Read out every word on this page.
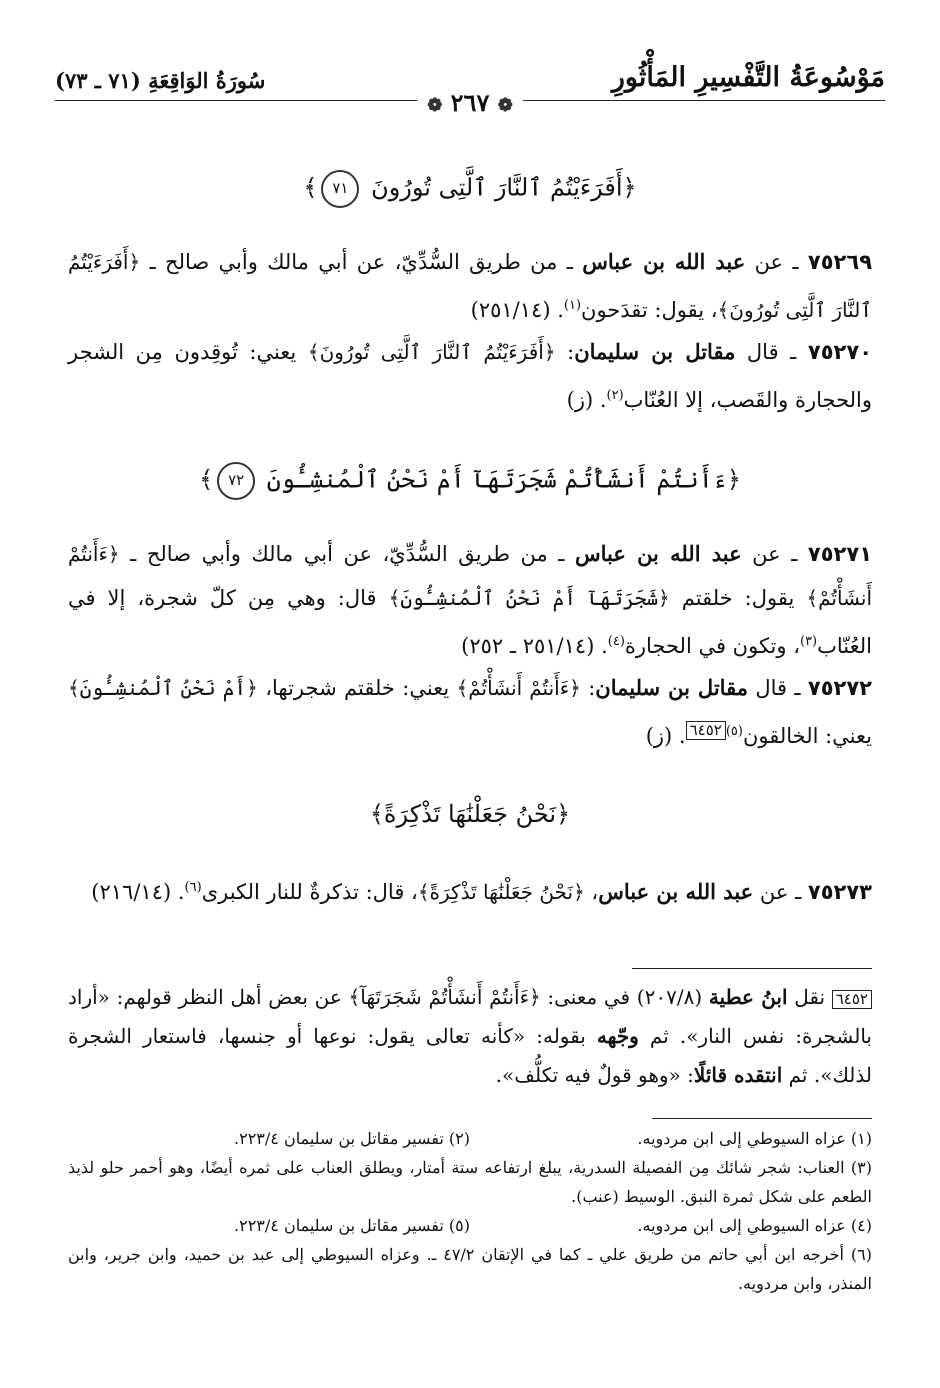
مَوْسُوعَةُ التَّفْسِيرِ المَأْثُورِ
سُورَةُ الوَاقِعَةِ (٧١ ـ ٧٣)
❁ ٢٦٧ ❁
﴿أَفَرَءَيْتُمُ ٱلنَّارَ ٱلَّتِى تُورُونَ ٧١﴾
٧٥٢٦٩ ـ عن عبد الله بن عباس ـ من طريق السُّدِّيّ، عن أبي مالك وأبي صالح ـ ﴿أَفَرَءَيْتُمُ ٱلنَّارَ ٱلَّتِى تُورُونَ﴾، يقول: تقدَحون$^{(١)}$. (٢٥١/١٤)
٧٥٢٧٠ ـ قال مقاتل بن سليمان: ﴿أَفَرَءَيْتُمُ ٱلنَّارَ ٱلَّتِى تُورُونَ﴾ يعني: تُوقِدون مِن الشجر والحجارة والقَصب، إلا العُنّاب$^{(٢)}$. (ز)
﴿ءَأَنتُمْ أَنشَأْتُمْ شَجَرَتَهَآ أَمْ نَحْنُ ٱلْمُنشِـُٔونَ ٧٢﴾
٧٥٢٧١ ـ عن عبد الله بن عباس ـ من طريق السُّدِّيّ، عن أبي مالك وأبي صالح ـ ﴿ءَأَنتُمْ أَنشَأْتُمْ﴾ يقول: خلقتم ﴿شَجَرَتَهَآ أَمْ نَحْنُ ٱلْمُنشِـُٔونَ﴾ قال: وهي مِن كلّ شجرة، إلا في العُنّاب$^{(٣)}$، وتكون في الحجارة$^{(٤)}$. (٢٥١/١٤ ـ ٢٥٢)
٧٥٢٧٢ ـ قال مقاتل بن سليمان: ﴿ءَأَنتُمْ أَنشَأْتُمْ﴾ يعني: خلقتم شجرتها، ﴿أَمْ نَحْنُ ٱلْمُنشِـُٔونَ﴾ يعني: الخالقون$^{(٥)}$٦٤٥٢. (ز)
﴿نَحْنُ جَعَلْنَٰهَا تَذْكِرَةً﴾
٧٥٢٧٣ ـ عن عبد الله بن عباس، ﴿نَحْنُ جَعَلْنَٰهَا تَذْكِرَةً﴾، قال: تذكرةٌ للنار الكبرى$^{(٦)}$. (٢١٦/١٤)
٦٤٥٢ نقل ابنُ عطية (٢٠٧/٨) في معنى: ﴿ءَأَنتُمْ أَنشَأْتُمْ شَجَرَتَهَآ﴾ عن بعض أهل النظر قولهم: «أراد بالشجرة: نفس النار». ثم وجّهه بقوله: «كأنه تعالى يقول: نوعها أو جنسها، فاستعار الشجرة لذلك». ثم انتقده قائلًا: «وهو قولٌ فيه تكلُّف».
(١) عزاه السيوطي إلى ابن مردويه.
(٢) تفسير مقاتل بن سليمان ٢٢٣/٤.
(٣) العناب: شجر شائك مِن الفصيلة السدرية، يبلغ ارتفاعه ستة أمتار، ويطلق العناب على ثمره أيضًا، وهو أحمر حلو لذيذ الطعم على شكل ثمرة النبق. الوسيط (عنب).
(٤) عزاه السيوطي إلى ابن مردويه.
(٥) تفسير مقاتل بن سليمان ٢٢٣/٤.
(٦) أخرجه ابن أبي حاتم من طريق علي ـ كما في الإتقان ٤٧/٢ ـ. وعزاه السيوطي إلى عبد بن حميد، وابن جرير، وابن المنذر، وابن مردويه.
